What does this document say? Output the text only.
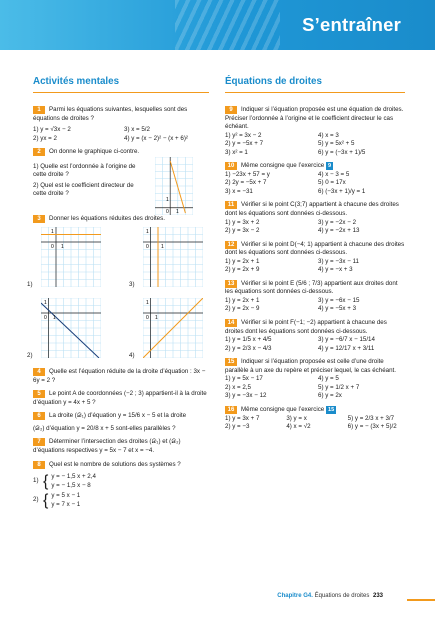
S’entraîner
Activités mentales
1 Parmi les équations suivantes, lesquelles sont des équations de droites ?
1) y = √3x − 2	3) x = 5/2
2) yx = 2	4) y = (x − 2)² − (x + 6)²
2 On donne le graphique ci-contre.
1) Quelle est l’ordonnée à l’origine de cette droite ?
2) Quel est le coefficient directeur de cette droite ?
1
0 1
3 Donner les équations réduites des droites.
1
0 1
1)
1
0 1
3)
1
0 1
2)
1
0 1
4)
4 Quelle est l’équation réduite de la droite d’équation : 3x − 6y = 2 ?
5 Le point A de coordonnées (−2 ; 3) appartient-il à la droite d’équation y = 4x + 5 ?
6 La droite (𝒟₁) d’équation y = 15/6 x − 5 et la droite
(𝒟₂) d’équation y = 20/8 x + 5 sont-elles parallèles ?
7 Déterminer l’intersection des droites (𝒟₁) et (𝒟₂) d’équations respectives y = 5x − 7 et x = −4.
8 Quel est le nombre de solutions des systèmes ?
1) { y = − 1,5 x + 2,4
y = − 1,5 x − 8
2) { y = 5 x − 1
y = 7 x − 1
Équations de droites
9 Indiquer si l’équation proposée est une équation de droites. Préciser l’ordonnée à l’origine et le coefficient directeur le cas échéant.
1) y² = 3x − 2	4) x = 3
2) y = −5x + 7	5) y = 5x² + 5
3) x² = 1	6) y = (−3x + 1)/5
10 Même consigne que l’exercice 9
1) −23x + 57 = y	4) x − 3 = 5
2) 2y = −5x + 7	5) 0 = 17x
3) x = −31	6) (−3x + 1)/y = 1
11 Vérifier si le point C(3;7) appartient à chacune des droites dont les équations sont données ci-dessous.
1) y = 3x + 2	3) y = −2x − 2
2) y = 3x − 2	4) y = −2x + 13
12 Vérifier si le point D(−4; 1) appartient à chacune des droites dont les équations sont données ci-dessous.
1) y = 2x + 1	3) y = −3x − 11
2) y = 2x + 9	4) y = −x + 3
13 Vérifier si le point E (5/6 ; 7/3) appartient aux droites dont les équations sont données ci-dessous.
1) y = 2x + 1	3) y = −6x − 15
2) y = 2x − 9	4) y = −5x + 3
14 Vérifier si le point F(−1; −2) appartient à chacune des droites dont les équations sont données ci-dessous.
1) y = 1/5 x + 4/5	3) y = −6/7 x − 15/14
2) y = 2/3 x − 4/3	4) y = 12/17 x + 3/11
15 Indiquer si l’équation proposée est celle d’une droite parallèle à un axe du repère et préciser lequel, le cas échéant.
1) y = 5x − 17	4) y = 5
2) x = 2,5	5) y = 1/2 x + 7
3) y = −3x − 12	6) y = 2x
16 Même consigne que l’exercice 15
1) y = 3x + 7	3) y = x	5) y = 2/3 x + 3/7
2) y = −3	4) x = √2	6) y = − (3x + 5)/2
Chapitre G4. Équations de droites 233
